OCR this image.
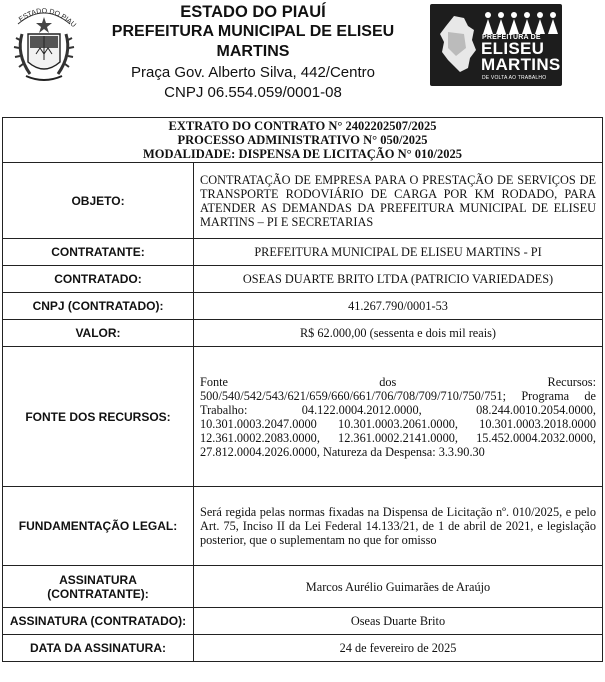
ESTADO DO PIAU
ESTADO DO PIAUÍ
PREFEITURA MUNICIPAL DE ELISEU MARTINS
Praça Gov. Alberto Silva, 442/Centro
CNPJ 06.554.059/0001-08
PREFEITURA DE
ELISEU
MARTINS
DE VOLTA AO TRABALHO
EXTRATO DO CONTRATO N° 2402202507/2025
PROCESSO ADMINISTRATIVO N° 050/2025
MODALIDADE: DISPENSA DE LICITAÇÃO N° 010/2025	

OBJETO:	CONTRATAÇÃO DE EMPRESA PARA O PRESTAÇÃO DE SERVIÇOS DE TRANSPORTE RODOVIÁRIO DE CARGA POR KM RODADO, PARA ATENDER AS DEMANDAS DA PREFEITURA MUNICIPAL DE ELISEU MARTINS – PI E SECRETARIAS
CONTRATANTE:	PREFEITURA MUNICIPAL DE ELISEU MARTINS - PI
CONTRATADO:	OSEAS DUARTE BRITO LTDA (PATRICIO VARIEDADES)
CNPJ (CONTRATADO):	41.267.790/0001-53
VALOR:	R$ 62.000,00 (sessenta e dois mil reais)
FONTE DOS RECURSOS:	Fonte dos Recursos: 500/540/542/543/621/659/660/661/706/708/709/710/750/751; Programa de Trabalho: 04.122.0004.2012.0000, 08.244.0010.2054.0000, 10.301.0003.2047.0000 10.301.0003.2061.0000, 10.301.0003.2018.0000 12.361.0002.2083.0000, 12.361.0002.2141.0000, 15.452.0004.2032.0000, 27.812.0004.2026.0000, Natureza da Despensa: 3.3.90.30
FUNDAMENTAÇÃO LEGAL:	Será regida pelas normas fixadas na Dispensa de Licitação nº. 010/2025, e pelo Art. 75, Inciso II da Lei Federal 14.133/21, de 1 de abril de 2021, e legislação posterior, que o suplementam no que for omisso
ASSINATURA (CONTRATANTE):	Marcos Aurélio Guimarães de Araújo
ASSINATURA (CONTRATADO):	Oseas Duarte Brito
DATA DA ASSINATURA:	24 de fevereiro de 2025
